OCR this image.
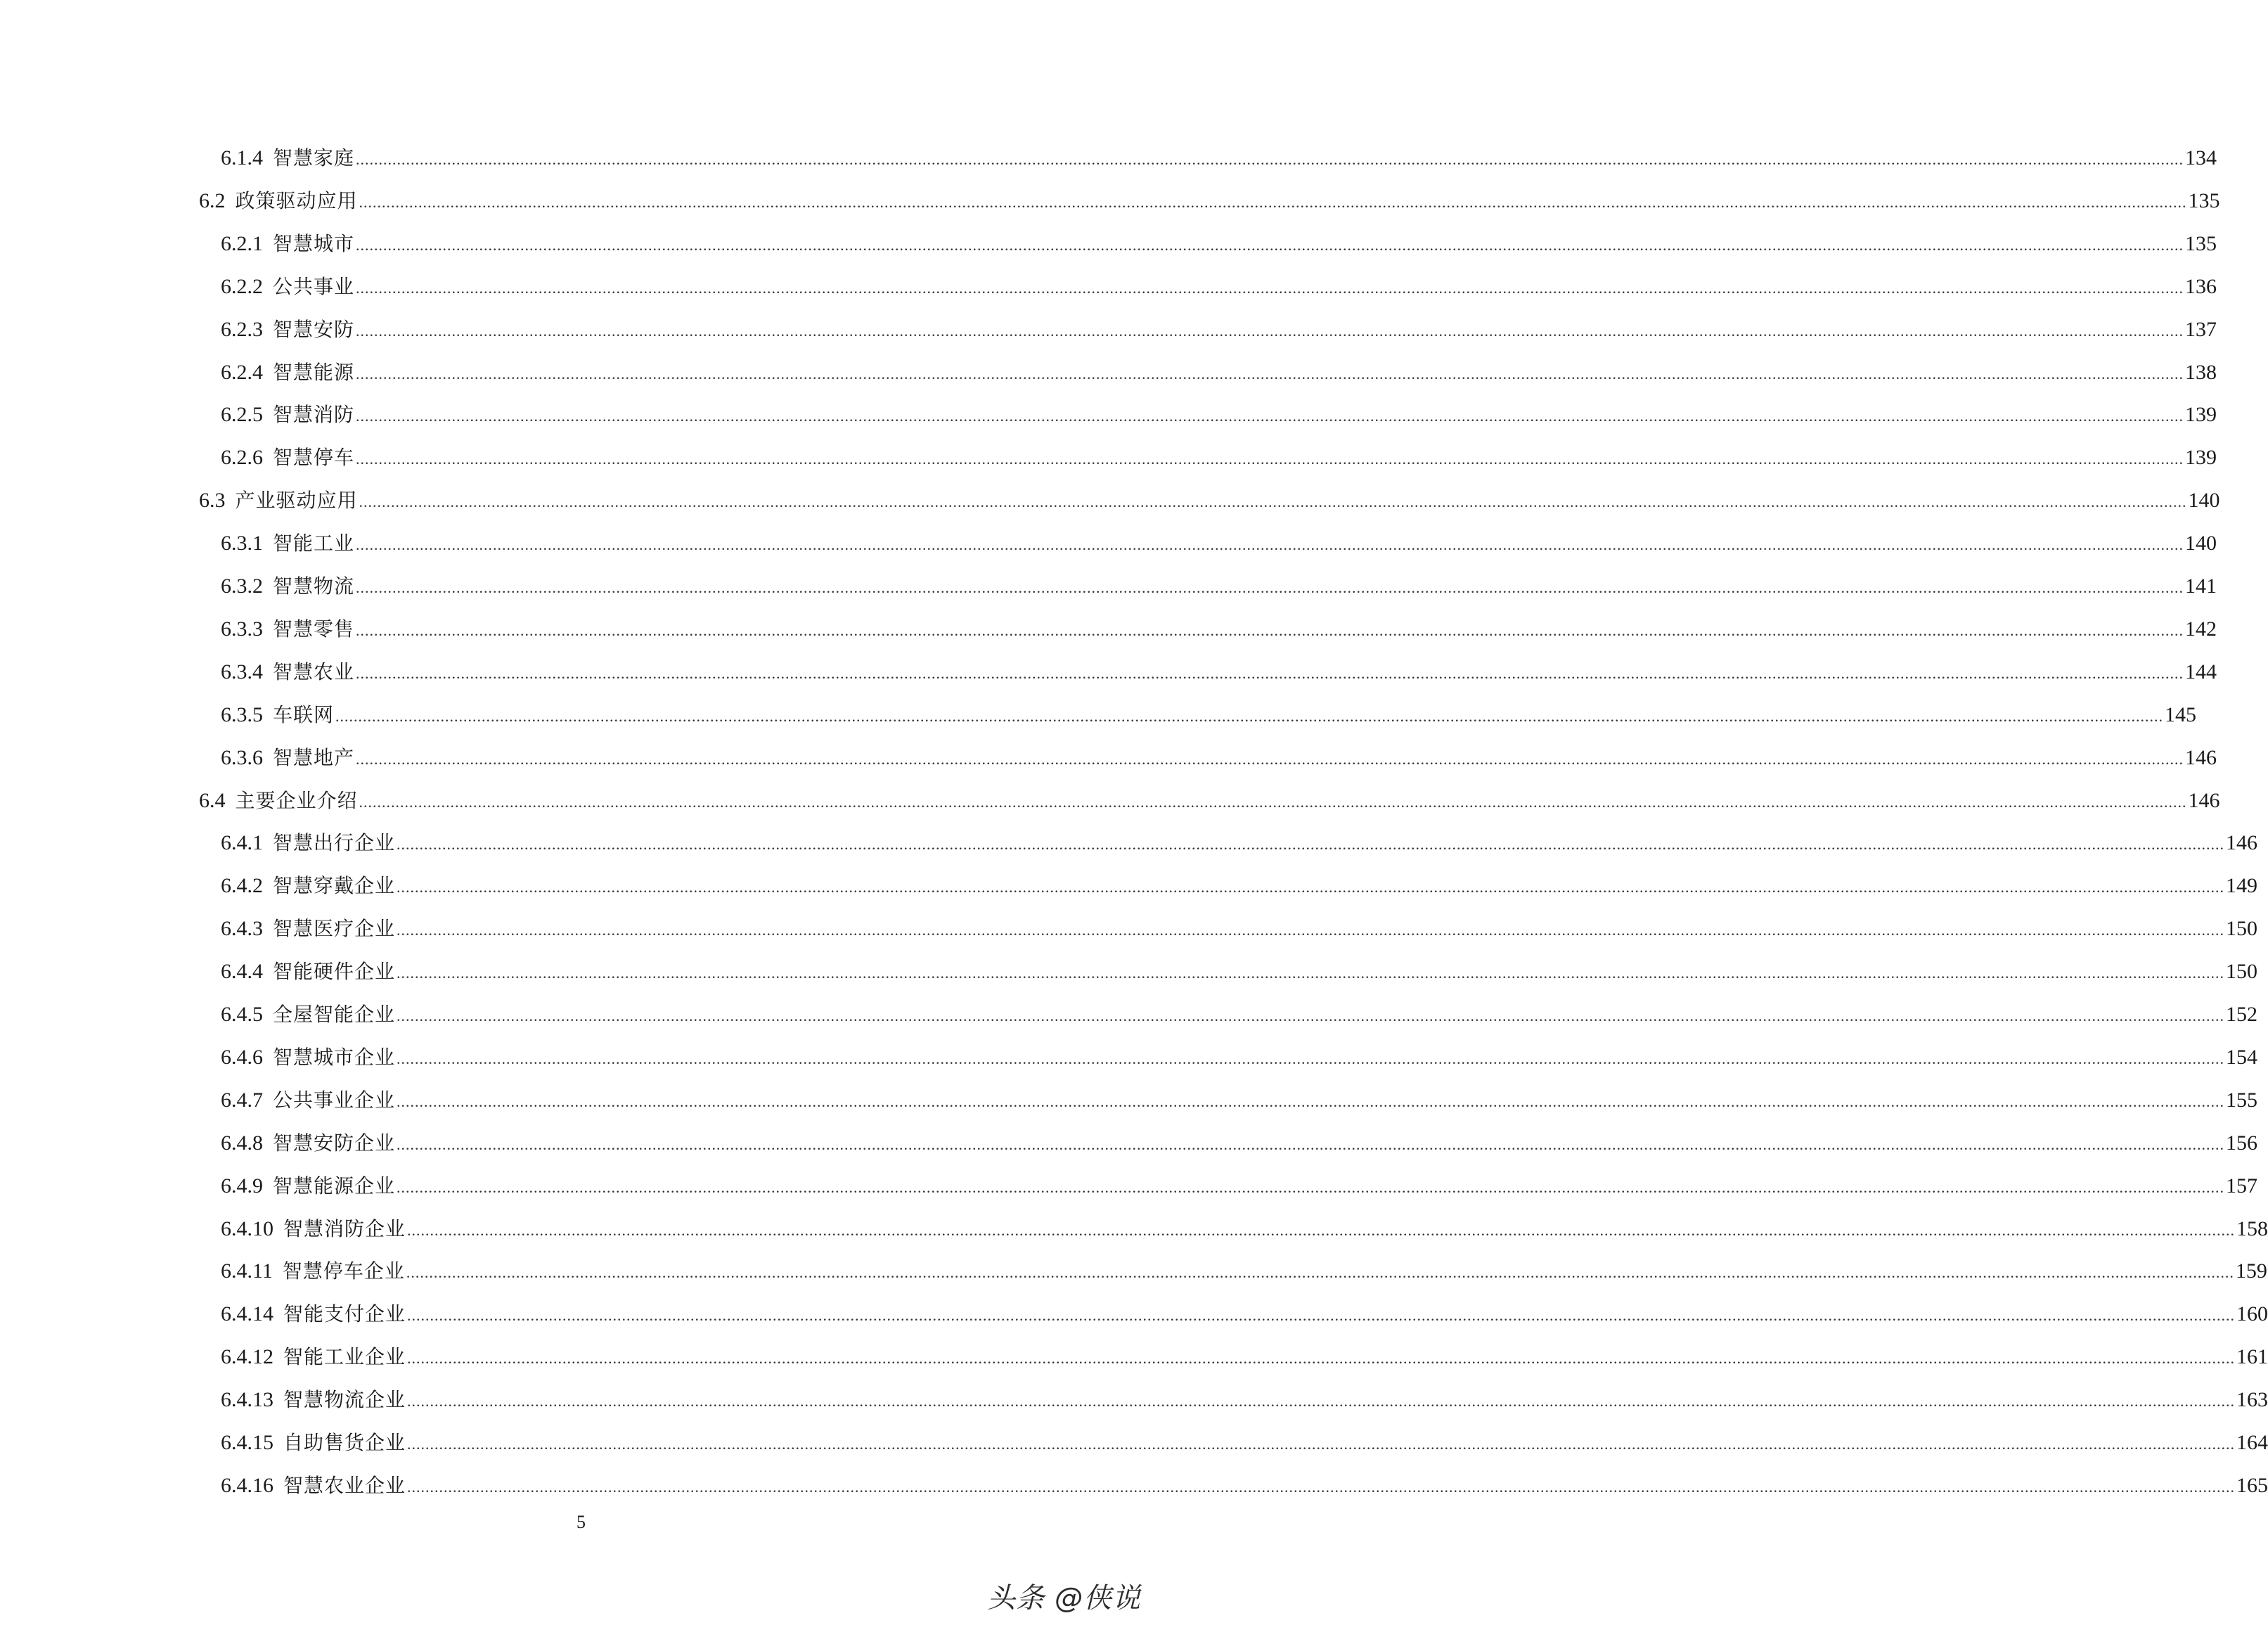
6.1.4 智慧家庭 ................................................................................................................................................................................................................................................................................................................................................................................................................ 134
6.2 政策驱动应用 ................................................................................................................................................................................................................................................................................................................................................................................................................ 135
6.2.1 智慧城市 ................................................................................................................................................................................................................................................................................................................................................................................................................ 135
6.2.2 公共事业 ................................................................................................................................................................................................................................................................................................................................................................................................................ 136
6.2.3 智慧安防 ................................................................................................................................................................................................................................................................................................................................................................................................................ 137
6.2.4 智慧能源 ................................................................................................................................................................................................................................................................................................................................................................................................................ 138
6.2.5 智慧消防 ................................................................................................................................................................................................................................................................................................................................................................................................................ 139
6.2.6 智慧停车 ................................................................................................................................................................................................................................................................................................................................................................................................................ 139
6.3 产业驱动应用 ................................................................................................................................................................................................................................................................................................................................................................................................................ 140
6.3.1 智能工业 ................................................................................................................................................................................................................................................................................................................................................................................................................ 140
6.3.2 智慧物流 ................................................................................................................................................................................................................................................................................................................................................................................................................ 141
6.3.3 智慧零售 ................................................................................................................................................................................................................................................................................................................................................................................................................ 142
6.3.4 智慧农业 ................................................................................................................................................................................................................................................................................................................................................................................................................ 144
6.3.5 车联网 ................................................................................................................................................................................................................................................................................................................................................................................................................ 145
6.3.6 智慧地产 ................................................................................................................................................................................................................................................................................................................................................................................................................ 146
6.4 主要企业介绍 ................................................................................................................................................................................................................................................................................................................................................................................................................ 146
6.4.1 智慧出行企业 ................................................................................................................................................................................................................................................................................................................................................................................................................ 146
6.4.2 智慧穿戴企业 ................................................................................................................................................................................................................................................................................................................................................................................................................ 149
6.4.3 智慧医疗企业 ................................................................................................................................................................................................................................................................................................................................................................................................................ 150
6.4.4 智能硬件企业 ................................................................................................................................................................................................................................................................................................................................................................................................................ 150
6.4.5 全屋智能企业 ................................................................................................................................................................................................................................................................................................................................................................................................................ 152
6.4.6 智慧城市企业 ................................................................................................................................................................................................................................................................................................................................................................................................................ 154
6.4.7 公共事业企业 ................................................................................................................................................................................................................................................................................................................................................................................................................ 155
6.4.8 智慧安防企业 ................................................................................................................................................................................................................................................................................................................................................................................................................ 156
6.4.9 智慧能源企业 ................................................................................................................................................................................................................................................................................................................................................................................................................ 157
6.4.10 智慧消防企业 ................................................................................................................................................................................................................................................................................................................................................................................................................ 158
6.4.11 智慧停车企业 ................................................................................................................................................................................................................................................................................................................................................................................................................ 159
6.4.14 智能支付企业 ................................................................................................................................................................................................................................................................................................................................................................................................................ 160
6.4.12 智能工业企业 ................................................................................................................................................................................................................................................................................................................................................................................................................ 161
6.4.13 智慧物流企业 ................................................................................................................................................................................................................................................................................................................................................................................................................ 163
6.4.15 自助售货企业 ................................................................................................................................................................................................................................................................................................................................................................................................................ 164
6.4.16 智慧农业企业 ................................................................................................................................................................................................................................................................................................................................................................................................................ 165
5
头条 @侠说
